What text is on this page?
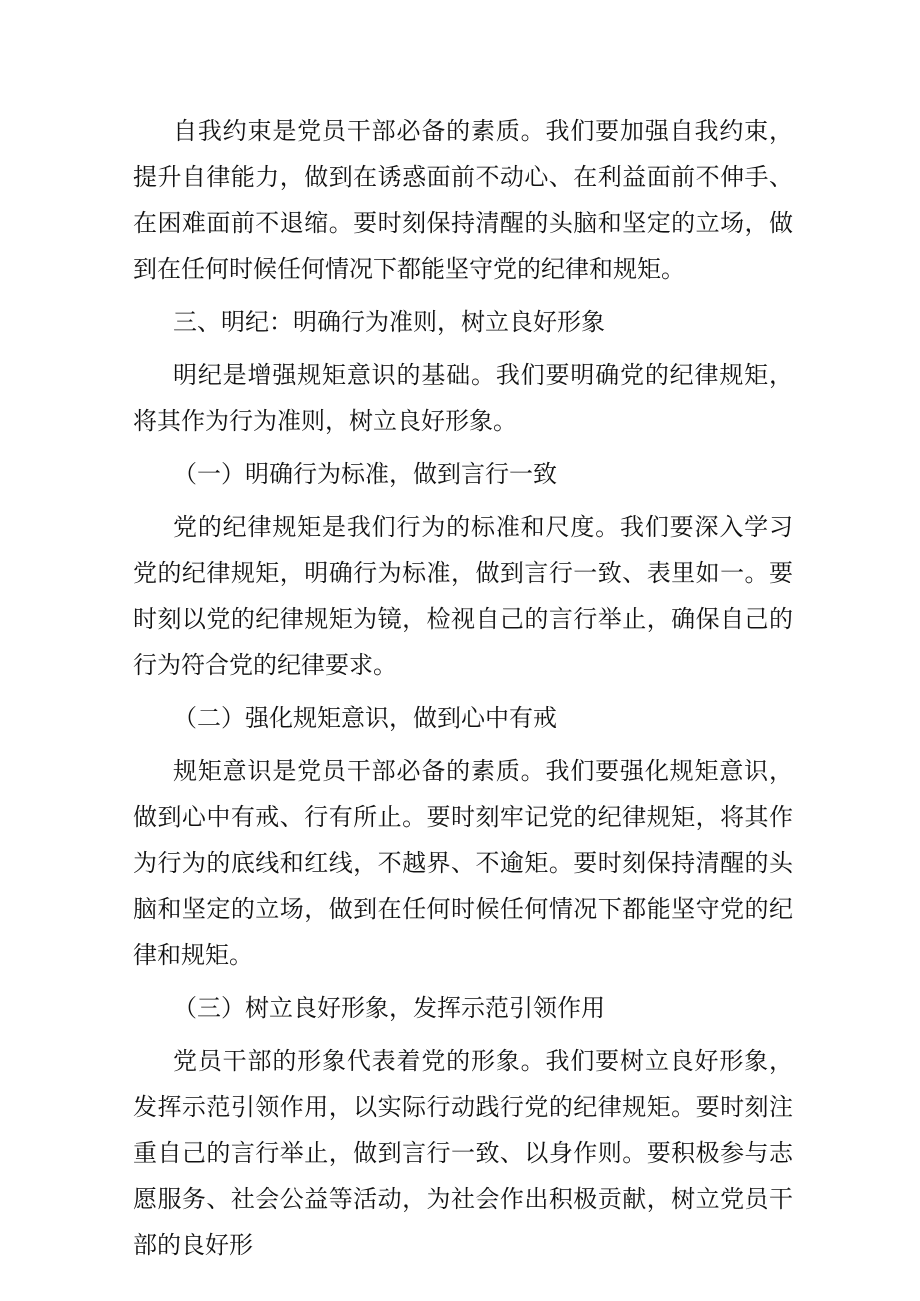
自我约束是党员干部必备的素质。我们要加强自我约束，提升自律能力，做到在诱惑面前不动心、在利益面前不伸手、在困难面前不退缩。要时刻保持清醒的头脑和坚定的立场，做到在任何时候任何情况下都能坚守党的纪律和规矩。

三、明纪：明确行为准则，树立良好形象

明纪是增强规矩意识的基础。我们要明确党的纪律规矩，将其作为行为准则，树立良好形象。

（一）明确行为标准，做到言行一致

党的纪律规矩是我们行为的标准和尺度。我们要深入学习党的纪律规矩，明确行为标准，做到言行一致、表里如一。要时刻以党的纪律规矩为镜，检视自己的言行举止，确保自己的行为符合党的纪律要求。

（二）强化规矩意识，做到心中有戒

规矩意识是党员干部必备的素质。我们要强化规矩意识，做到心中有戒、行有所止。要时刻牢记党的纪律规矩，将其作为行为的底线和红线，不越界、不逾矩。要时刻保持清醒的头脑和坚定的立场，做到在任何时候任何情况下都能坚守党的纪律和规矩。

（三）树立良好形象，发挥示范引领作用

党员干部的形象代表着党的形象。我们要树立良好形象，发挥示范引领作用，以实际行动践行党的纪律规矩。要时刻注重自己的言行举止，做到言行一致、以身作则。要积极参与志愿服务、社会公益等活动，为社会作出积极贡献，树立党员干部的良好形
